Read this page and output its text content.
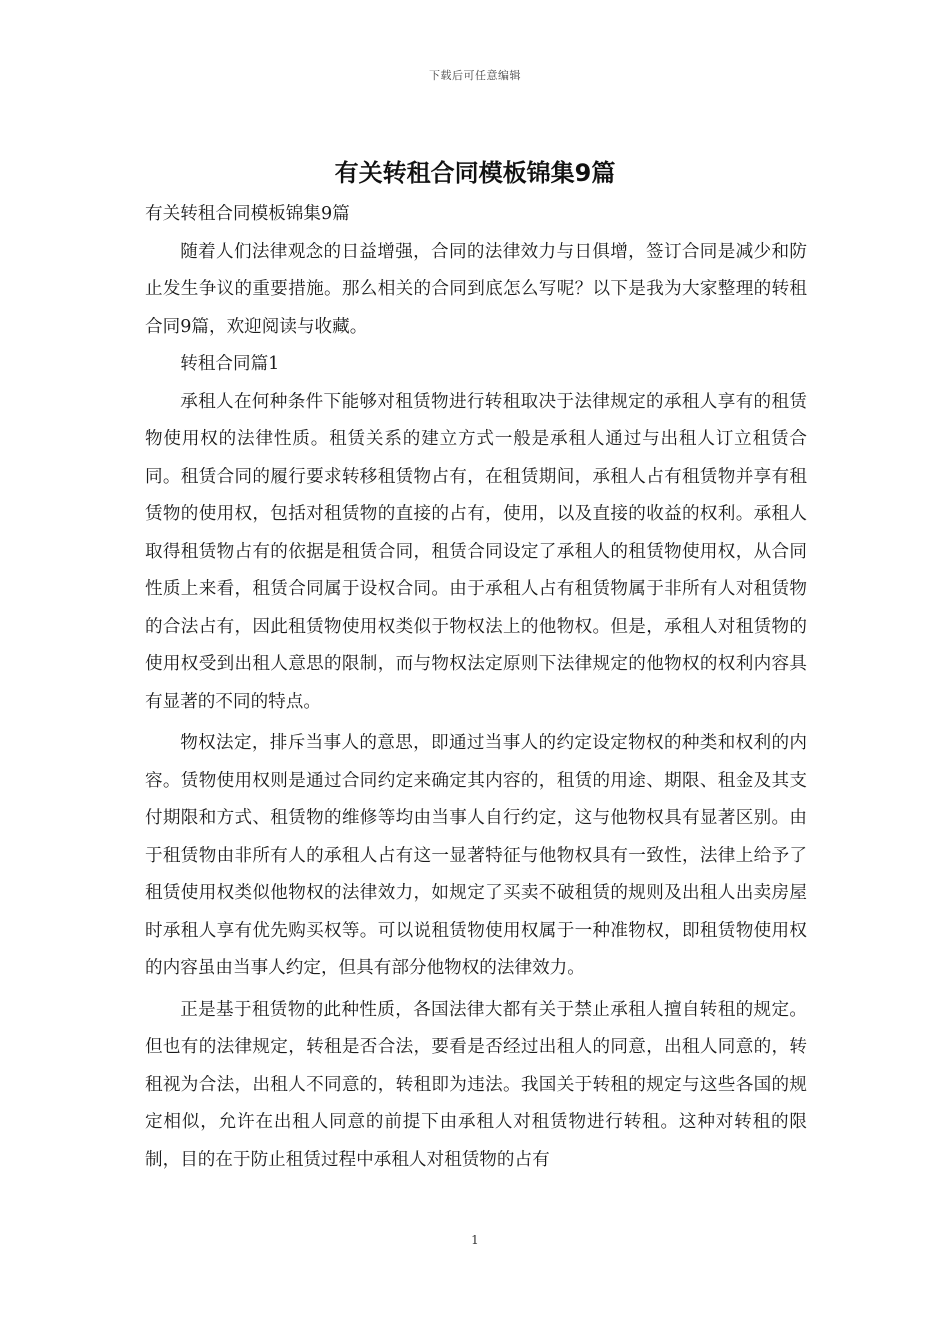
下载后可任意编辑
有关转租合同模板锦集9篇

有关转租合同模板锦集9篇

随着人们法律观念的日益增强，合同的法律效力与日俱增，签订合同是减少和防止发生争议的重要措施。那么相关的合同到底怎么写呢？以下是我为大家整理的转租合同9篇，欢迎阅读与收藏。

转租合同篇1

承租人在何种条件下能够对租赁物进行转租取决于法律规定的承租人享有的租赁物使用权的法律性质。租赁关系的建立方式一般是承租人通过与出租人订立租赁合同。租赁合同的履行要求转移租赁物占有，在租赁期间，承租人占有租赁物并享有租赁物的使用权，包括对租赁物的直接的占有，使用，以及直接的收益的权利。承租人取得租赁物占有的依据是租赁合同，租赁合同设定了承租人的租赁物使用权，从合同性质上来看，租赁合同属于设权合同。由于承租人占有租赁物属于非所有人对租赁物的合法占有，因此租赁物使用权类似于物权法上的他物权。但是，承租人对租赁物的使用权受到出租人意思的限制，而与物权法定原则下法律规定的他物权的权利内容具有显著的不同的特点。

物权法定，排斥当事人的意思，即通过当事人的约定设定物权的种类和权利的内容。赁物使用权则是通过合同约定来确定其内容的，租赁的用途、期限、租金及其支付期限和方式、租赁物的维修等均由当事人自行约定，这与他物权具有显著区别。由于租赁物由非所有人的承租人占有这一显著特征与他物权具有一致性，法律上给予了租赁使用权类似他物权的法律效力，如规定了买卖不破租赁的规则及出租人出卖房屋时承租人享有优先购买权等。可以说租赁物使用权属于一种准物权，即租赁物使用权的内容虽由当事人约定，但具有部分他物权的法律效力。

正是基于租赁物的此种性质，各国法律大都有关于禁止承租人擅自转租的规定。但也有的法律规定，转租是否合法，要看是否经过出租人的同意，出租人同意的，转租视为合法，出租人不同意的，转租即为违法。我国关于转租的规定与这些各国的规定相似，允许在出租人同意的前提下由承租人对租赁物进行转租。这种对转租的限制，目的在于防止租赁过程中承租人对租赁物的占有

1
